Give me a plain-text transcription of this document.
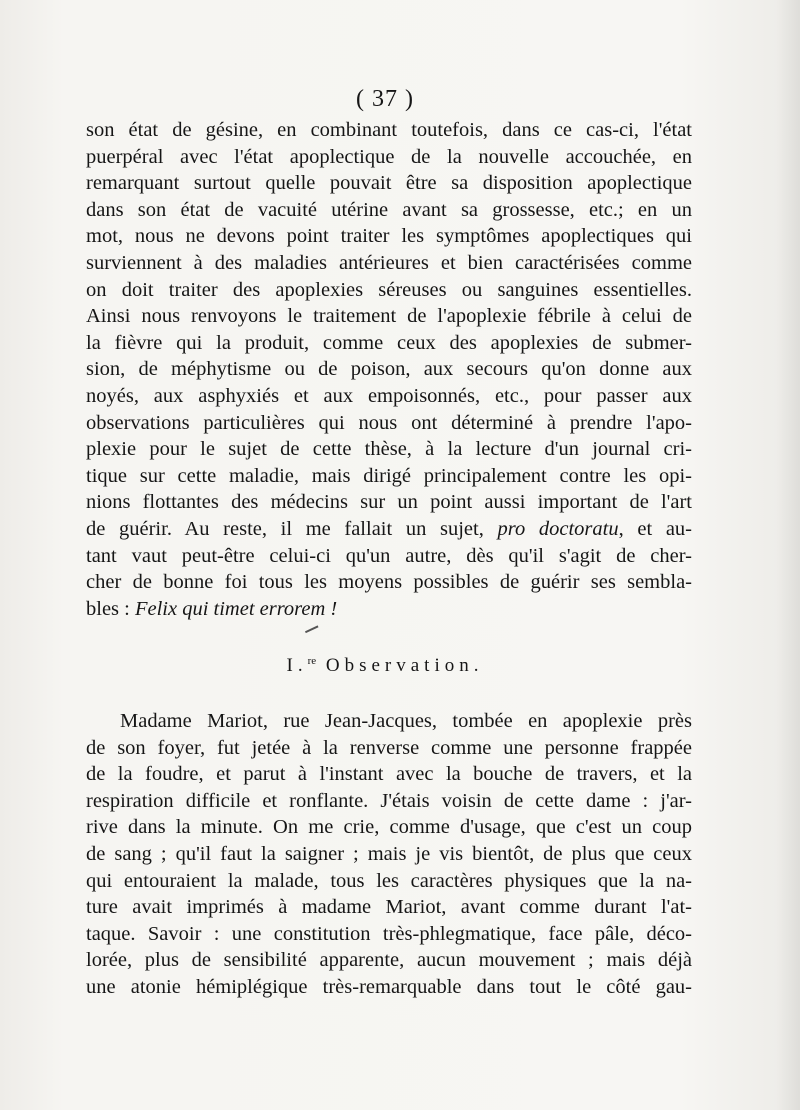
( 37 )
son état de gésine, en combinant toutefois, dans ce cas-ci, l'état
puerpéral avec l'état apoplectique de la nouvelle accouchée, en
remarquant surtout quelle pouvait être sa disposition apoplectique
dans son état de vacuité utérine avant sa grossesse, etc.; en un
mot, nous ne devons point traiter les symptômes apoplectiques qui
surviennent à des maladies antérieures et bien caractérisées comme
on doit traiter des apoplexies séreuses ou sanguines essentielles.
Ainsi nous renvoyons le traitement de l'apoplexie fébrile à celui de
la fièvre qui la produit, comme ceux des apoplexies de submer-
sion, de méphytisme ou de poison, aux secours qu'on donne aux
noyés, aux asphyxiés et aux empoisonnés, etc., pour passer aux
observations particulières qui nous ont déterminé à prendre l'apo-
plexie pour le sujet de cette thèse, à la lecture d'un journal cri-
tique sur cette maladie, mais dirigé principalement contre les opi-
nions flottantes des médecins sur un point aussi important de l'art
de guérir. Au reste, il me fallait un sujet, pro doctoratu, et au-
tant vaut peut-être celui-ci qu'un autre, dès qu'il s'agit de cher-
cher de bonne foi tous les moyens possibles de guérir ses sembla-
bles : Felix qui timet errorem !
I.$^{re}$ Observation.
Madame Mariot, rue Jean-Jacques, tombée en apoplexie près
de son foyer, fut jetée à la renverse comme une personne frappée
de la foudre, et parut à l'instant avec la bouche de travers, et la
respiration difficile et ronflante. J'étais voisin de cette dame : j'ar-
rive dans la minute. On me crie, comme d'usage, que c'est un coup
de sang ; qu'il faut la saigner ; mais je vis bientôt, de plus que ceux
qui entouraient la malade, tous les caractères physiques que la na-
ture avait imprimés à madame Mariot, avant comme durant l'at-
taque. Savoir : une constitution très-phlegmatique, face pâle, déco-
lorée, plus de sensibilité apparente, aucun mouvement ; mais déjà
une atonie hémiplégique très-remarquable dans tout le côté gau-
